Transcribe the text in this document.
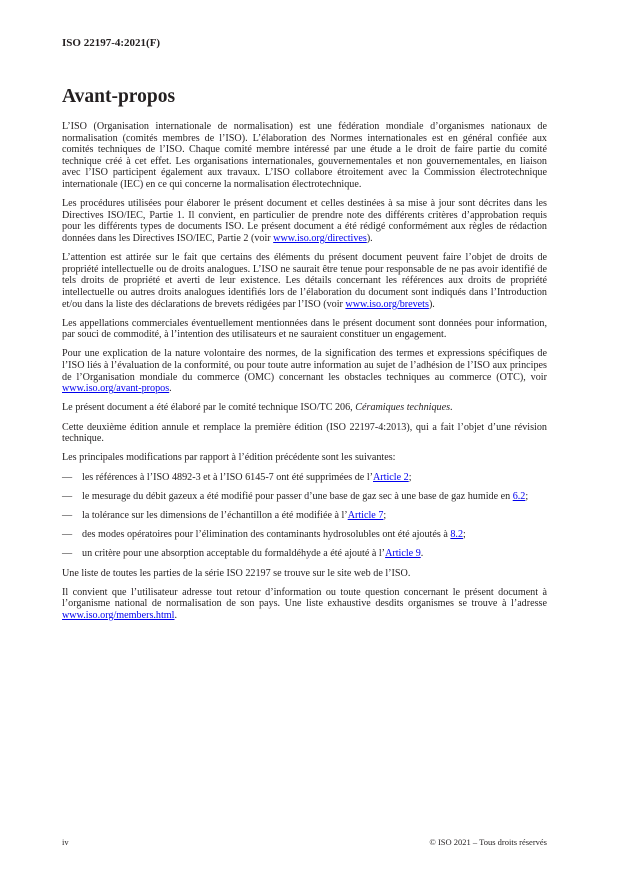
ISO 22197-4:2021(F)
Avant-propos

L’ISO (Organisation internationale de normalisation) est une fédération mondiale d’organismes nationaux de normalisation (comités membres de l’ISO). L’élaboration des Normes internationales est en général confiée aux comités techniques de l’ISO. Chaque comité membre intéressé par une étude a le droit de faire partie du comité technique créé à cet effet. Les organisations internationales, gouvernementales et non gouvernementales, en liaison avec l’ISO participent également aux travaux. L’ISO collabore étroitement avec la Commission électrotechnique internationale (IEC) en ce qui concerne la normalisation électrotechnique.

Les procédures utilisées pour élaborer le présent document et celles destinées à sa mise à jour sont décrites dans les Directives ISO/IEC, Partie 1. Il convient, en particulier de prendre note des différents critères d’approbation requis pour les différents types de documents ISO. Le présent document a été rédigé conformément aux règles de rédaction données dans les Directives ISO/IEC, Partie 2 (voir www.iso.org/directives).

L’attention est attirée sur le fait que certains des éléments du présent document peuvent faire l’objet de droits de propriété intellectuelle ou de droits analogues. L’ISO ne saurait être tenue pour responsable de ne pas avoir identifié de tels droits de propriété et averti de leur existence. Les détails concernant les références aux droits de propriété intellectuelle ou autres droits analogues identifiés lors de l’élaboration du document sont indiqués dans l’Introduction et/ou dans la liste des déclarations de brevets rédigées par l’ISO (voir www.iso.org/brevets).

Les appellations commerciales éventuellement mentionnées dans le présent document sont données pour information, par souci de commodité, à l’intention des utilisateurs et ne sauraient constituer un engagement.

Pour une explication de la nature volontaire des normes, de la signification des termes et expressions spécifiques de l’ISO liés à l’évaluation de la conformité, ou pour toute autre information au sujet de l’adhésion de l’ISO aux principes de l’Organisation mondiale du commerce (OMC) concernant les obstacles techniques au commerce (OTC), voir www.iso.org/avant-propos.

Le présent document a été élaboré par le comité technique ISO/TC 206, Céramiques techniques.

Cette deuxième édition annule et remplace la première édition (ISO 22197-4:2013), qui a fait l’objet d’une révision technique.

Les principales modifications par rapport à l’édition précédente sont les suivantes:

— les références à l’ISO 4892-3 et à l’ISO 6145-7 ont été supprimées de l’Article 2;
— le mesurage du débit gazeux a été modifié pour passer d’une base de gaz sec à une base de gaz humide en 6.2;
— la tolérance sur les dimensions de l’échantillon a été modifiée à l’Article 7;
— des modes opératoires pour l’élimination des contaminants hydrosolubles ont été ajoutés à 8.2;
— un critère pour une absorption acceptable du formaldéhyde a été ajouté à l’Article 9.

Une liste de toutes les parties de la série ISO 22197 se trouve sur le site web de l’ISO.

Il convient que l’utilisateur adresse tout retour d’information ou toute question concernant le présent document à l’organisme national de normalisation de son pays. Une liste exhaustive desdits organismes se trouve à l’adresse www.iso.org/members.html.

iv	© ISO 2021 – Tous droits réservés
